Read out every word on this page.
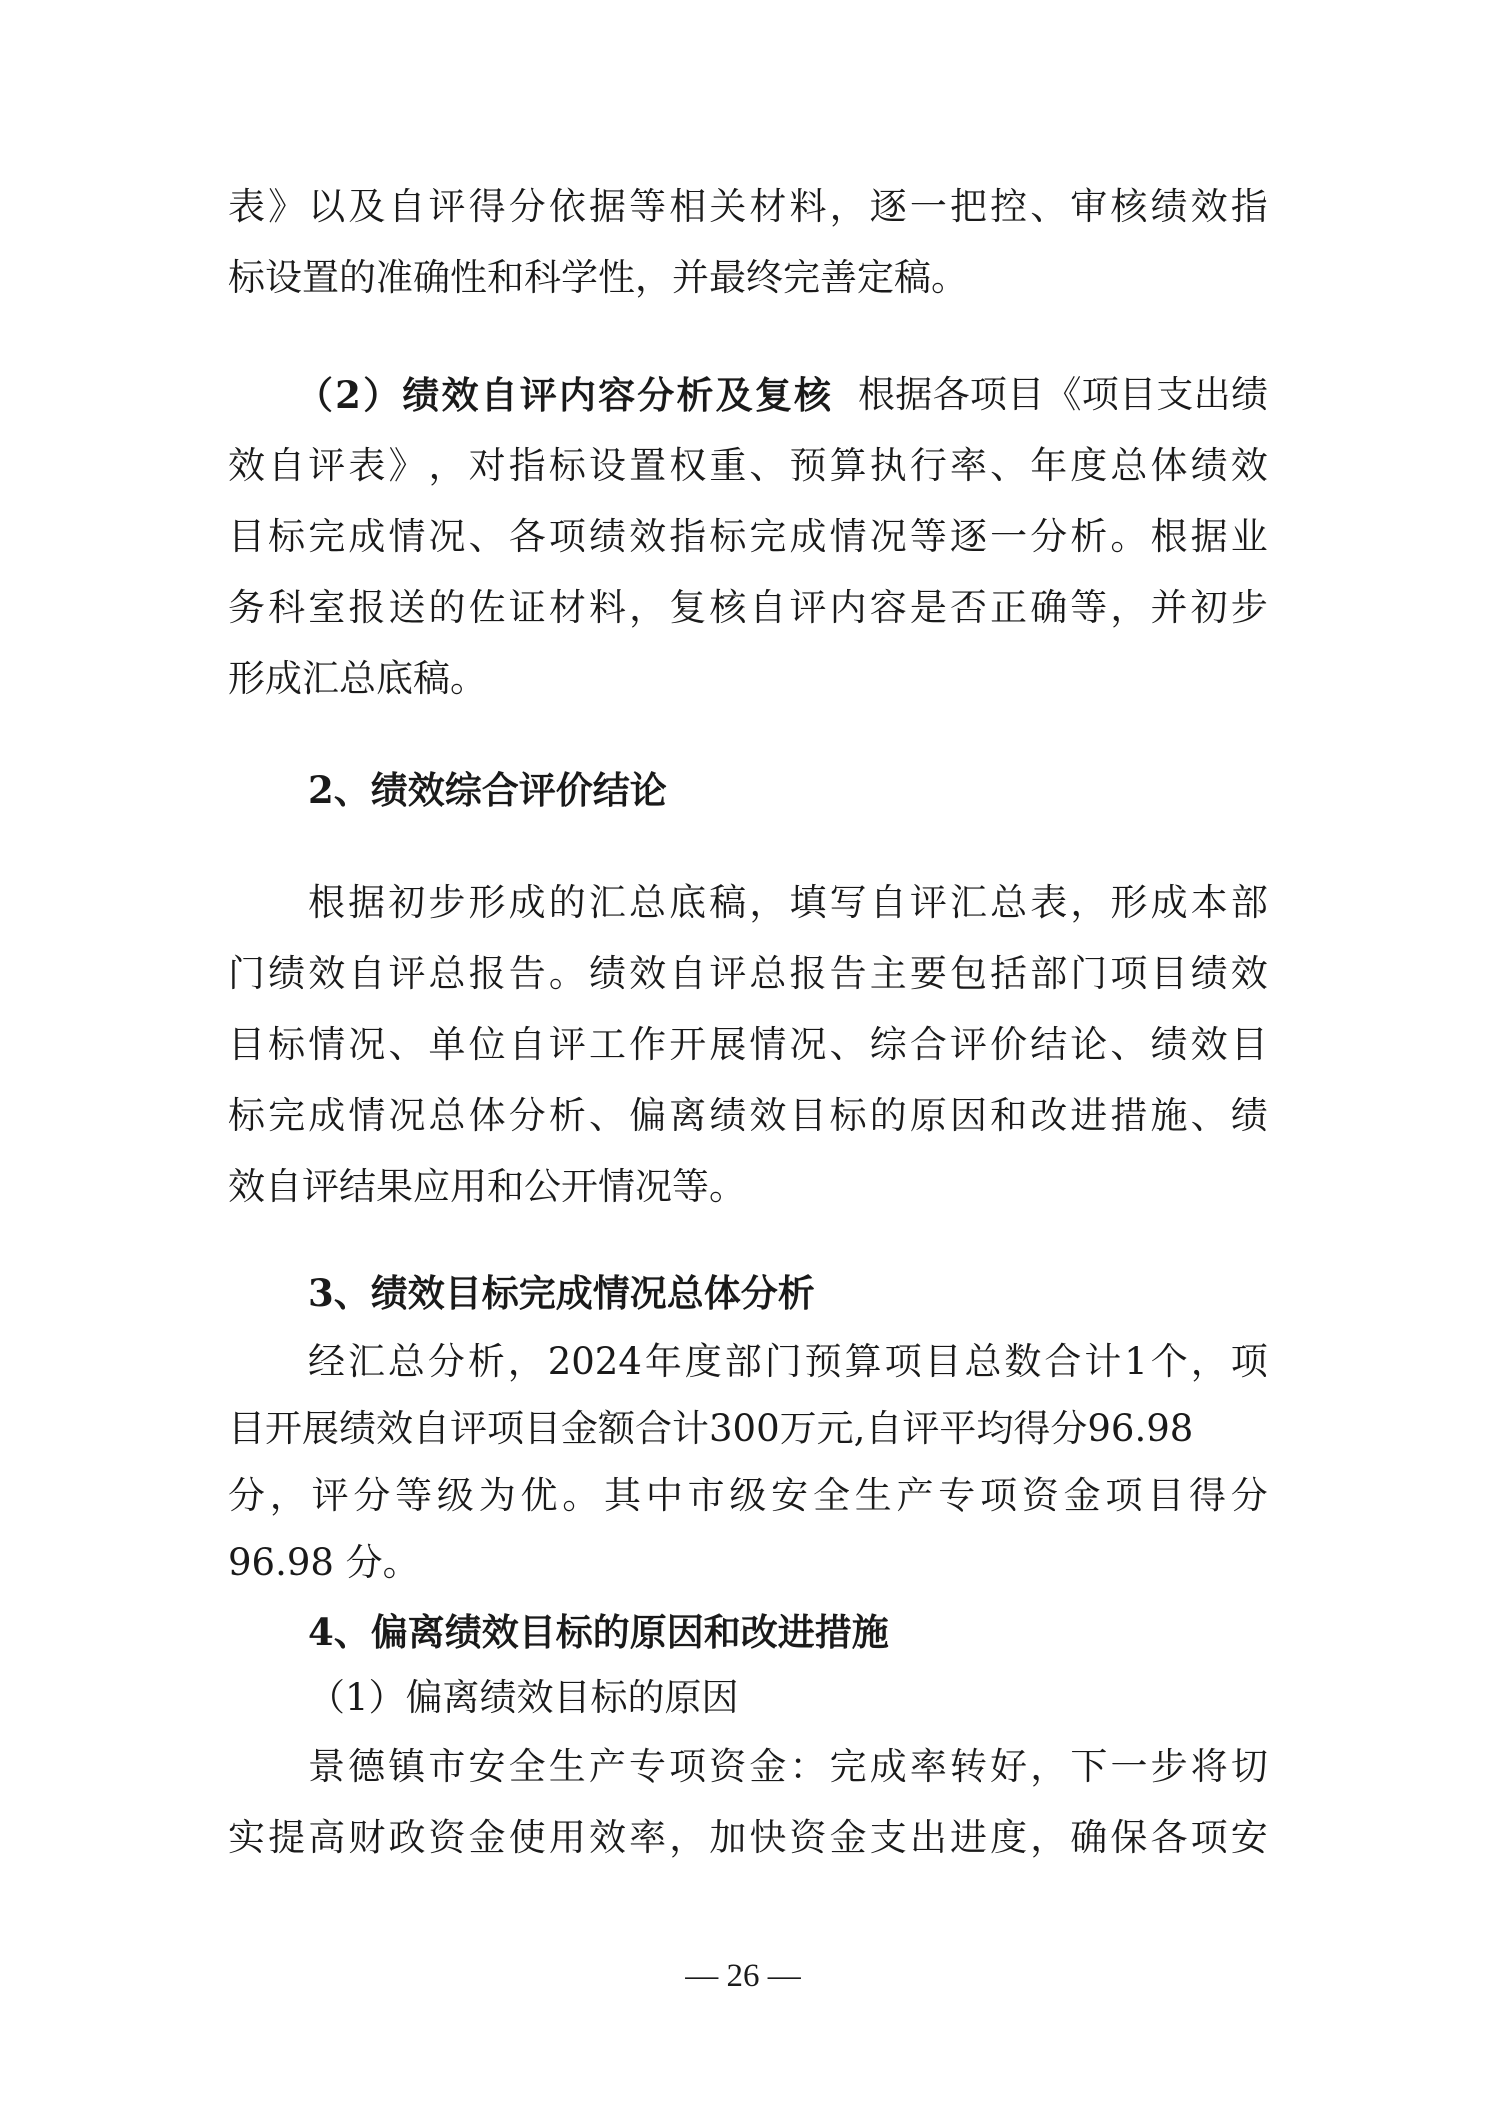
表 》 以 及 自 评 得 分 依 据 等 相 关 材 料 ， 逐 一 把 控 、 审 核 绩 效 指
标设置的准确性和科学性，并最终完善定稿。
（ 2 ） 绩 效 自 评 内 容 分 析 及 复 核 根 据 各 项 目 《 项 目 支 出 绩
效 自 评 表 》 ， 对 指 标 设 置 权 重 、 预 算 执 行 率 、 年 度 总 体 绩 效
目 标 完 成 情 况 、 各 项 绩 效 指 标 完 成 情 况 等 逐 一 分 析 。 根 据 业
务 科 室 报 送 的 佐 证 材 料 ， 复 核 自 评 内 容 是 否 正 确 等 ， 并 初 步
形成汇总底稿。
2、绩效综合评价结论
根 据 初 步 形 成 的 汇 总 底 稿 ， 填 写 自 评 汇 总 表 ， 形 成 本 部
门 绩 效 自 评 总 报 告 。 绩 效 自 评 总 报 告 主 要 包 括 部 门 项 目 绩 效
目 标 情 况 、 单 位 自 评 工 作 开 展 情 况 、 综 合 评 价 结 论 、 绩 效 目
标 完 成 情 况 总 体 分 析 、 偏 离 绩 效 目 标 的 原 因 和 改 进 措 施 、 绩
效自评结果应用和公开情况等。
3、绩效目标完成情况总体分析
经 汇 总 分 析 ， 2024 年 度 部 门 预 算 项 目 总 数 合 计 1 个 ， 项
目开展绩效自评项目金额合计300万元,自评平均得分96.98
分 ， 评 分 等 级 为 优 。 其 中 市 级 安 全 生 产 专 项 资 金 项 目 得 分
96.98 分。
4、偏离绩效目标的原因和改进措施
（1）偏离绩效目标的原因
景 德 镇 市 安 全 生 产 专 项 资 金 ： 完 成 率 转 好 ， 下 一 步 将 切
实 提 高 财 政 资 金 使 用 效 率 ， 加 快 资 金 支 出 进 度 ， 确 保 各 项 安
— 26 —
